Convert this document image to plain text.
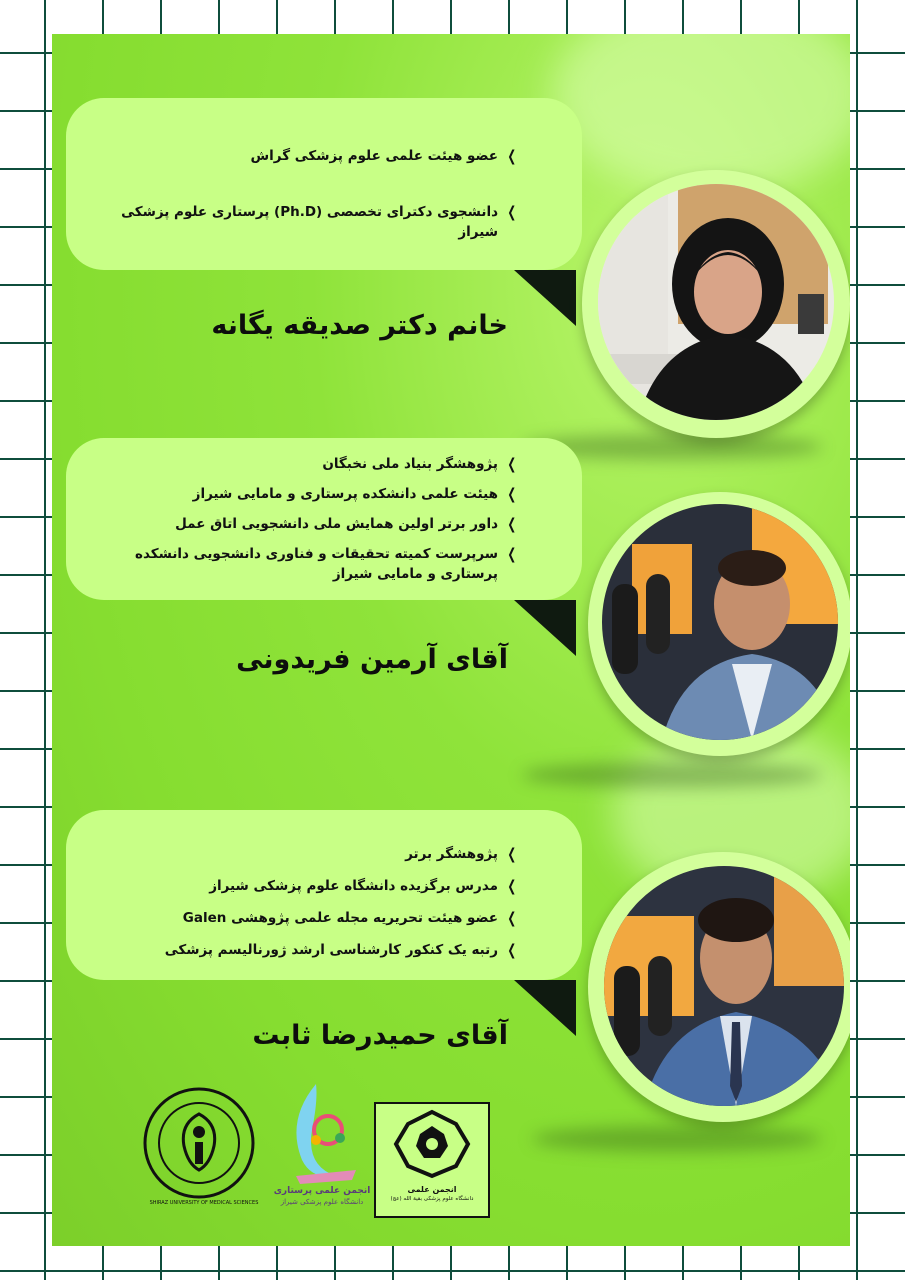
❯
عضو هیئت علمی علوم پزشکی گراش
❯
دانشجوی دکترای تخصصی (Ph.D) پرستاری علوم پزشکی شیراز
خانم دکتر صدیقه یگانه
❯
پژوهشگر بنیاد ملی نخبگان
❯
هیئت علمی دانشکده پرستاری و مامایی شیراز
❯
داور برتر اولین همایش ملی دانشجویی اتاق عمل
❯
سرپرست کمیته تحقیقات و فناوری دانشجویی دانشکده پرستاری و مامایی شیراز
آقای آرمین فریدونی
❯
پژوهشگر برتر
❯
مدرس برگزیده دانشگاه علوم پزشکی شیراز
❯
عضو هیئت تحریریه مجله علمی پژوهشی Galen
❯
رتبه یک کنکور کارشناسی ارشد ژورنالیسم پزشکی
آقای حمیدرضا ثابت
SHIRAZ UNIVERSITY OF MEDICAL SCIENCES
انجمن علمی پرستاری
دانشگاه علوم پزشکی شیراز
انجمن علمی
دانشگاه علوم پزشکی بقیة الله (عج)
